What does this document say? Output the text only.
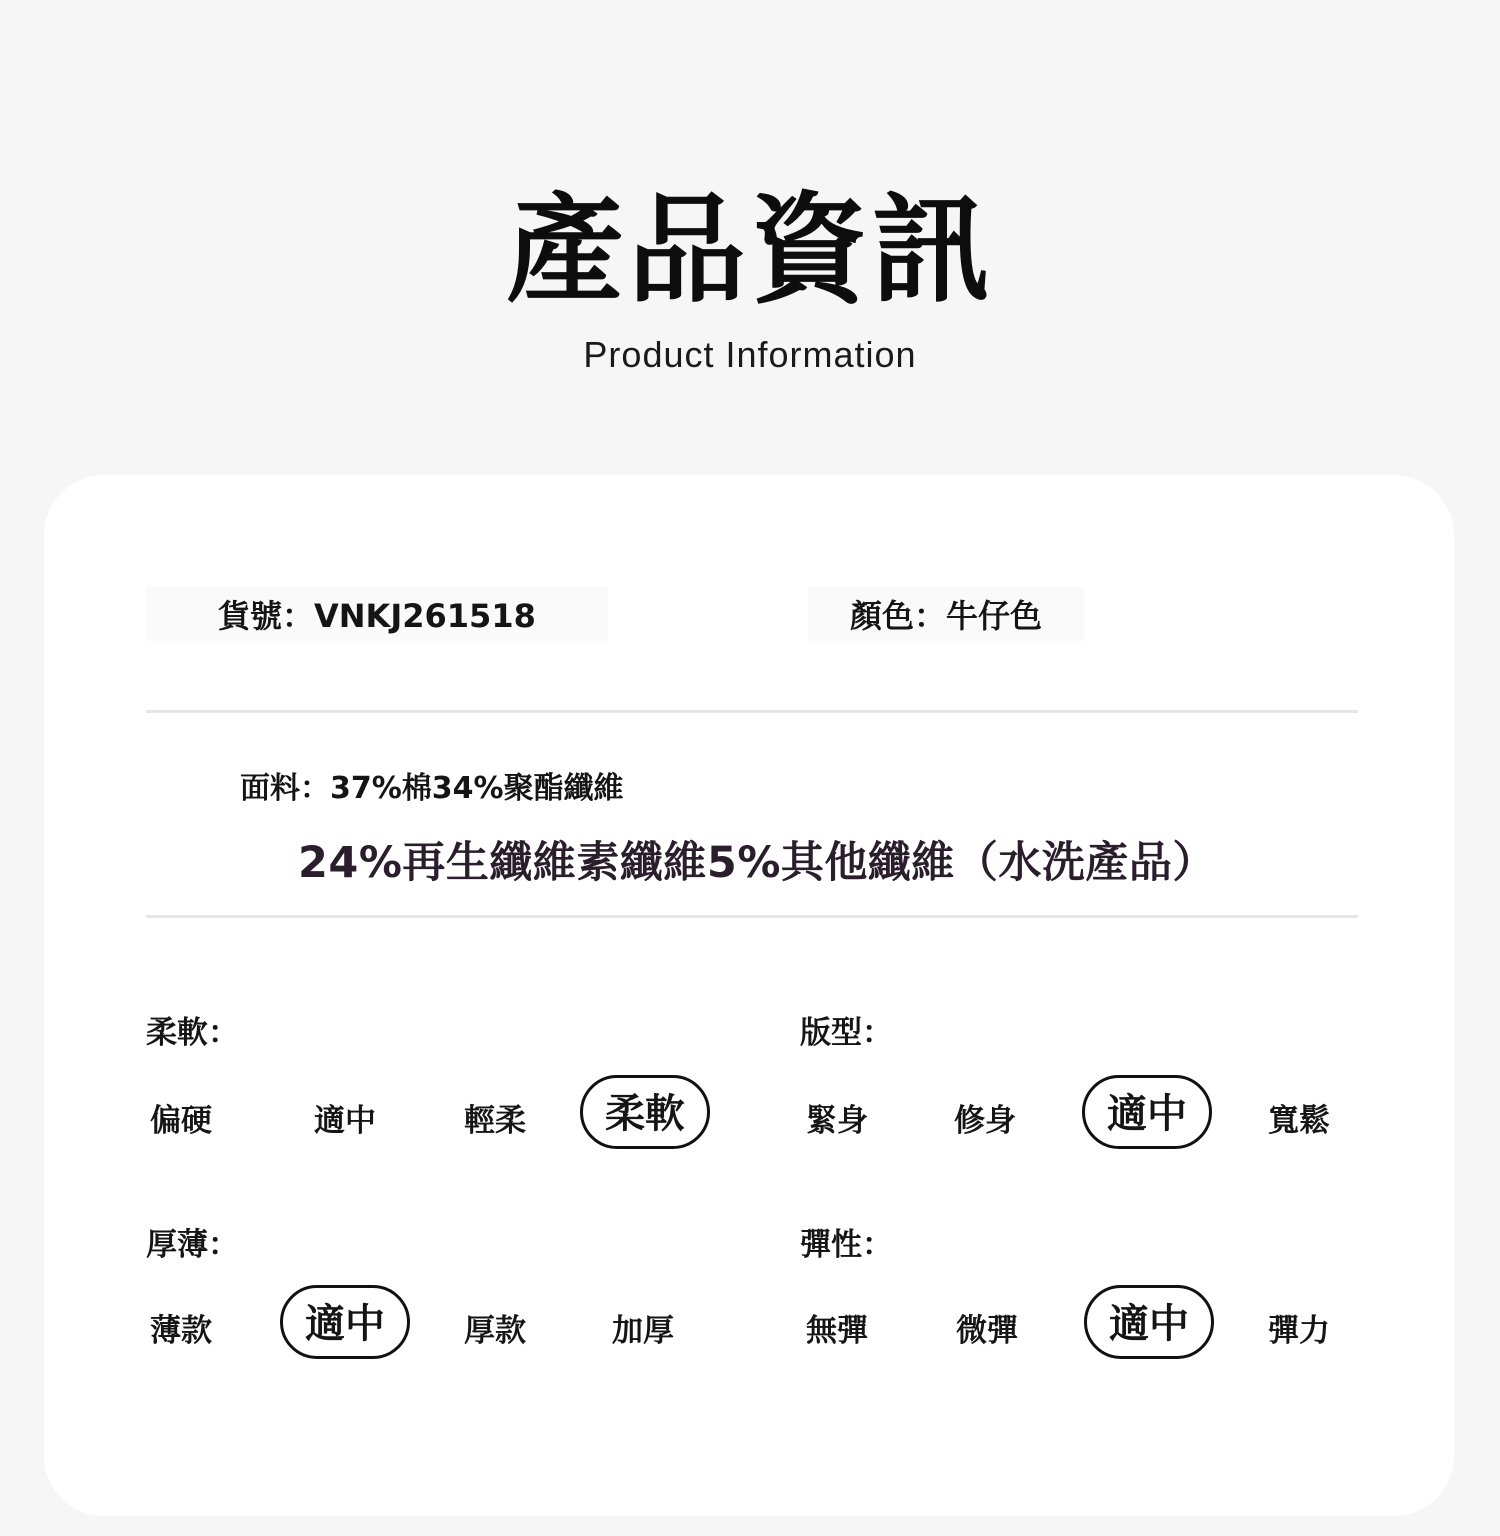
產品資訊
Product Information
貨號：VNKJ261518	顏色：牛仔色
面料：37%棉34%聚酯纖維
24%再生纖維素纖維5%其他纖維（水洗產品）
柔軟：
偏硬	適中	輕柔	柔軟
版型：
緊身	修身	適中	寬鬆
厚薄：
薄款	適中	厚款	加厚
彈性：
無彈	微彈	適中	彈力
